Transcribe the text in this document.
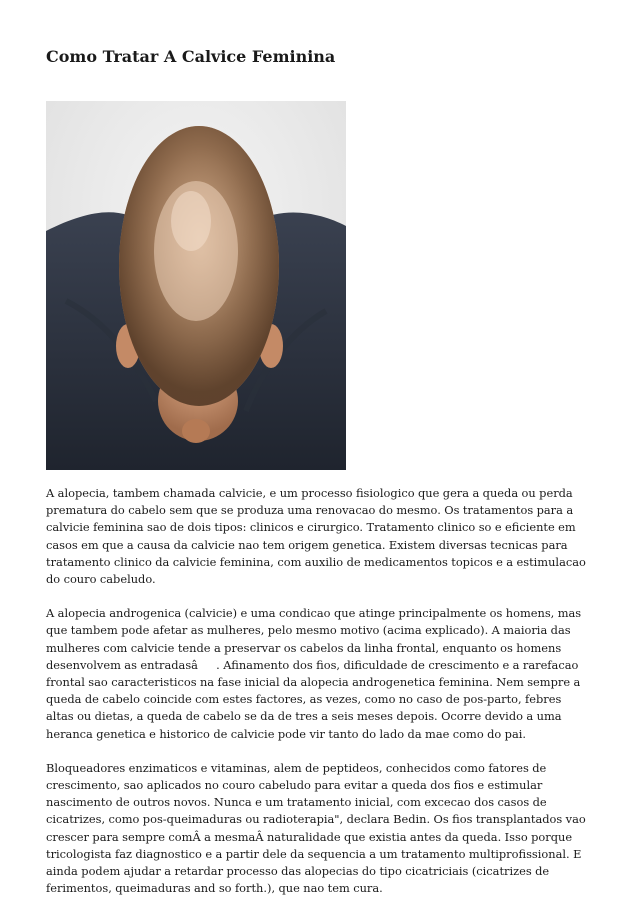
Como Tratar A Calvice Feminina

A alopecia, tambem chamada calvicie, e um processo fisiologico que gera a queda ou perda prematura do cabelo sem que se produza uma renovacao do mesmo. Os tratamentos para a calvicie feminina sao de dois tipos: clinicos e cirurgico. Tratamento clinico so e eficiente em casos em que a causa da calvicie nao tem origem genetica. Existem diversas tecnicas para tratamento clinico da calvicie feminina, com auxilio de medicamentos topicos e a estimulacao do couro cabeludo.

A alopecia androgenica (calvicie) e uma condicao que atinge principalmente os homens, mas que tambem pode afetar as mulheres, pelo mesmo motivo (acima explicado). A maioria das mulheres com calvicie tende a preservar os cabelos da linha frontal, enquanto os homens desenvolvem as entradasâ. Afinamento dos fios, dificuldade de crescimento e a rarefacao frontal sao caracteristicos na fase inicial da alopecia androgenetica feminina. Nem sempre a queda de cabelo coincide com estes factores, as vezes, como no caso de pos-parto, febres altas ou dietas, a queda de cabelo se da de tres a seis meses depois. Ocorre devido a uma heranca genetica e historico de calvicie pode vir tanto do lado da mae como do pai.

Bloqueadores enzimaticos e vitaminas, alem de peptideos, conhecidos como fatores de crescimento, sao aplicados no couro cabeludo para evitar a queda dos fios e estimular nascimento de outros novos. Nunca e um tratamento inicial, com excecao dos casos de cicatrizes, como pos-queimaduras ou radioterapia", declara Bedin. Os fios transplantados vao crescer para sempre comÂ a mesmaÂ naturalidade que existia antes da queda. Isso porque tricologista faz diagnostico e a partir dele da sequencia a um tratamento multiprofissional. E ainda podem ajudar a retardar processo das alopecias do tipo cicatriciais (cicatrizes de ferimentos, queimaduras and so forth.), que nao tem cura.
